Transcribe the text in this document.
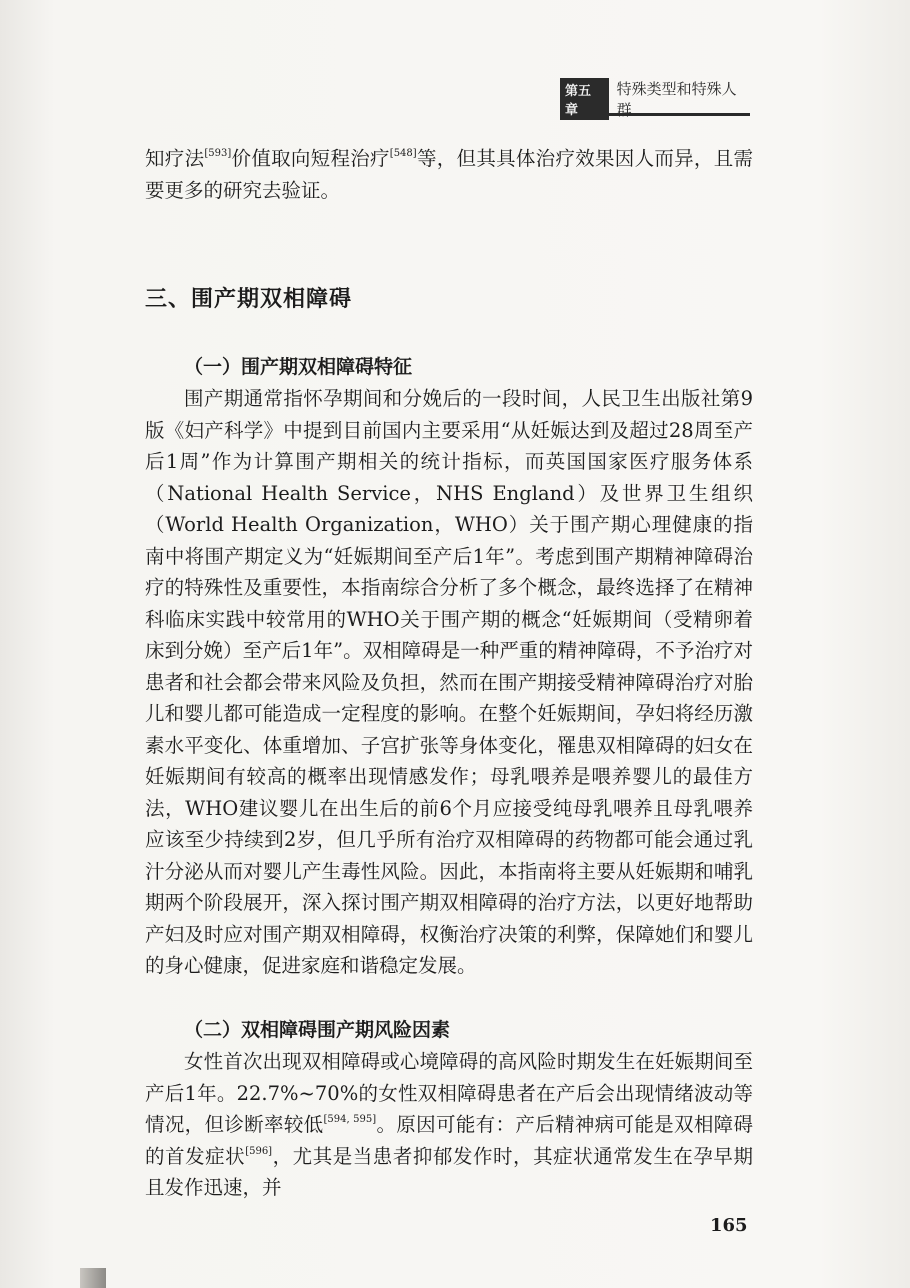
第五章
特殊类型和特殊人群

知疗法[593]价值取向短程治疗[548]等，但其具体治疗效果因人而异，且需要更多的研究去验证。

三、围产期双相障碍
（一）围产期双相障碍特征

围产期通常指怀孕期间和分娩后的一段时间，人民卫生出版社第9版《妇产科学》中提到目前国内主要采用“从妊娠达到及超过28周至产后1周”作为计算围产期相关的统计指标，而英国国家医疗服务体系（National Health Service，NHS England）及世界卫生组织（World Health Organization，WHO）关于围产期心理健康的指南中将围产期定义为“妊娠期间至产后1年”。考虑到围产期精神障碍治疗的特殊性及重要性，本指南综合分析了多个概念，最终选择了在精神科临床实践中较常用的WHO关于围产期的概念“妊娠期间（受精卵着床到分娩）至产后1年”。双相障碍是一种严重的精神障碍，不予治疗对患者和社会都会带来风险及负担，然而在围产期接受精神障碍治疗对胎儿和婴儿都可能造成一定程度的影响。在整个妊娠期间，孕妇将经历激素水平变化、体重增加、子宫扩张等身体变化，罹患双相障碍的妇女在妊娠期间有较高的概率出现情感发作；母乳喂养是喂养婴儿的最佳方法，WHO建议婴儿在出生后的前6个月应接受纯母乳喂养且母乳喂养应该至少持续到2岁，但几乎所有治疗双相障碍的药物都可能会通过乳汁分泌从而对婴儿产生毒性风险。因此，本指南将主要从妊娠期和哺乳期两个阶段展开，深入探讨围产期双相障碍的治疗方法，以更好地帮助产妇及时应对围产期双相障碍，权衡治疗决策的利弊，保障她们和婴儿的身心健康，促进家庭和谐稳定发展。

（二）双相障碍围产期风险因素

女性首次出现双相障碍或心境障碍的高风险时期发生在妊娠期间至产后1年。22.7%~70%的女性双相障碍患者在产后会出现情绪波动等情况，但诊断率较低[594, 595]。原因可能有：产后精神病可能是双相障碍的首发症状[596]，尤其是当患者抑郁发作时，其症状通常发生在孕早期且发作迅速，并

165
